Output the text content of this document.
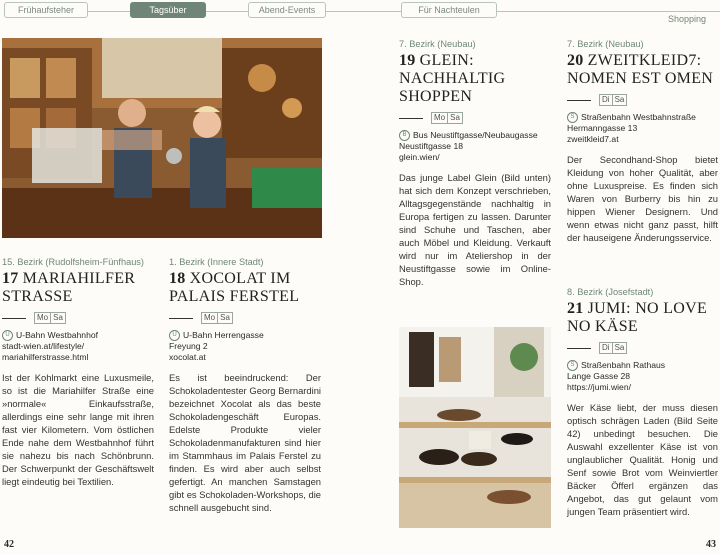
Frühaufsteher	Tagsüber	Abend-Events	Für Nachteulen
Shopping
15. Bezirk (Rudolfsheim-Fünfhaus)
17 MARIAHILFER STRASSE
Mo Sa
U U-Bahn Westbahnhof
stadt-wien.at/lifestyle/
mariahilferstrasse.html
Ist der Kohlmarkt eine Luxusmeile, so ist die Mariahilfer Straße eine »normale« Einkaufsstraße, allerdings eine sehr lange mit ihren fast vier Kilometern. Vom östlichen Ende nahe dem Westbahnhof führt sie nahezu bis nach Schönbrunn. Der Schwerpunkt der Geschäftswelt liegt eindeutig bei Textilien.
1. Bezirk (Innere Stadt)
18 XOCOLAT IM PALAIS FERSTEL
Mo Sa
U U-Bahn Herrengasse
Freyung 2
xocolat.at
Es ist beeindruckend: Der Schokoladentester Georg Bernardini bezeichnet Xocolat als das beste Schokoladengeschäft Europas. Edelste Produkte vieler Schokoladenmanufakturen sind hier im Stammhaus im Palais Ferstel zu finden. Es wird aber auch selbst gefertigt. An manchen Samstagen gibt es Schokoladen-Workshops, die schnell ausgebucht sind.
7. Bezirk (Neubau)
19 GLEIN: NACHHALTIG SHOPPEN
Mo Sa
B Bus Neustiftgasse/Neubaugasse
Neustiftgasse 18
glein.wien/
Das junge Label Glein (Bild unten) hat sich dem Konzept verschrieben, Alltagsgegenstände nachhaltig in Europa fertigen zu lassen. Darunter sind Schuhe und Taschen, aber auch Möbel und Kleidung. Verkauft wird nur im Ateliershop in der Neustiftgasse sowie im Online-Shop.
7. Bezirk (Neubau)
20 ZWEITKLEID7: NOMEN EST OMEN
Di Sa
S Straßenbahn Westbahnstraße
Hermanngasse 13
zweitkleid7.at
Der Secondhand-Shop bietet Kleidung von hoher Qualität, aber ohne Luxuspreise. Es finden sich Waren von Burberry bis hin zu hippen Wiener Designern. Und wenn etwas nicht ganz passt, hilft der hauseigene Änderungsservice.
8. Bezirk (Josefstadt)
21 JUMI: NO LOVE NO KÄSE
Di Sa
S Straßenbahn Rathaus
Lange Gasse 28
https://jumi.wien/
Wer Käse liebt, der muss diesen optisch schrägen Laden (Bild Seite 42) unbedingt besuchen. Die Auswahl exzellenter Käse ist von unglaublicher Qualität. Honig und Senf sowie Brot vom Weinviertler Bäcker Öfferl ergänzen das Angebot, das gut gelaunt vom jungen Team präsentiert wird.
42	43
